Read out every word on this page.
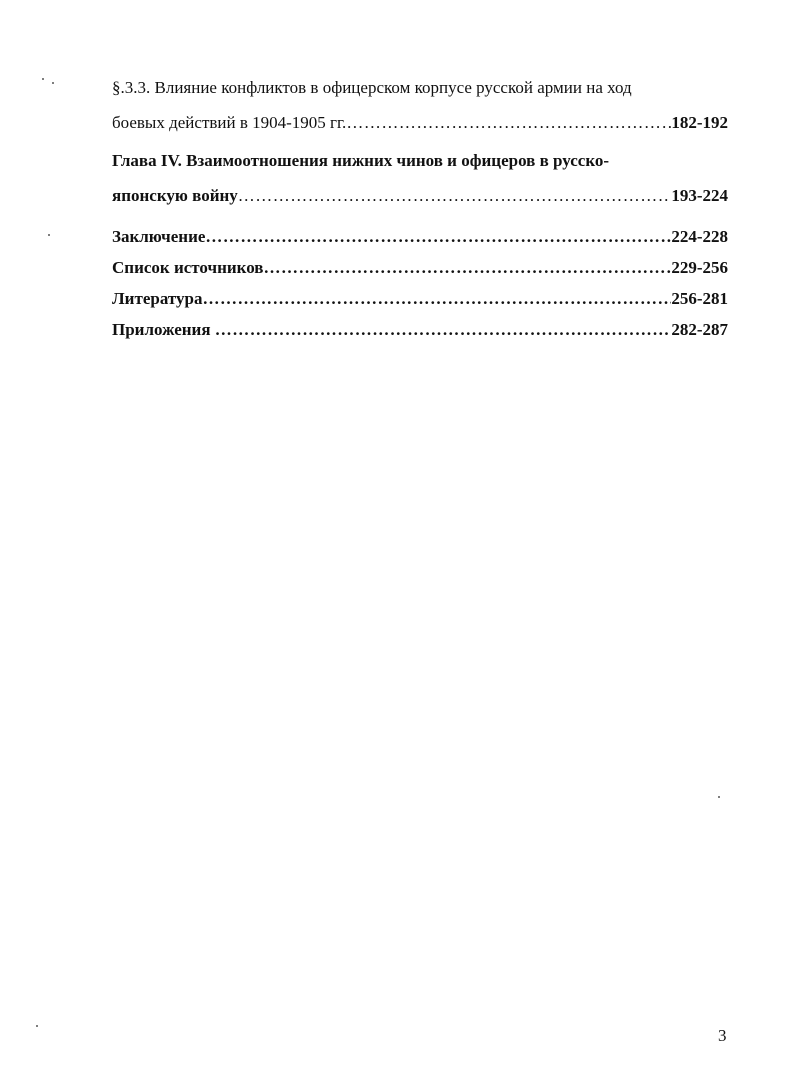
§.3.3. Влияние конфликтов в офицерском корпусе русской армии на ход
боевых действий в 1904-1905 гг. ……………………………………………………………………………………………………………………………………………………	182-192
Глава IV. Взаимоотношения нижних чинов и офицеров в русско-
японскую войну ……………………………………………………………………………………………………………………………………………………	193-224
Заключение ……………………………………………………………………………………………………………………………………………………	224-228
Список источников ……………………………………………………………………………………………………………………………………………………	229-256
Литература ……………………………………………………………………………………………………………………………………………………	256-281
Приложения ……………………………………………………………………………………………………………………………………………………	282-287
3
